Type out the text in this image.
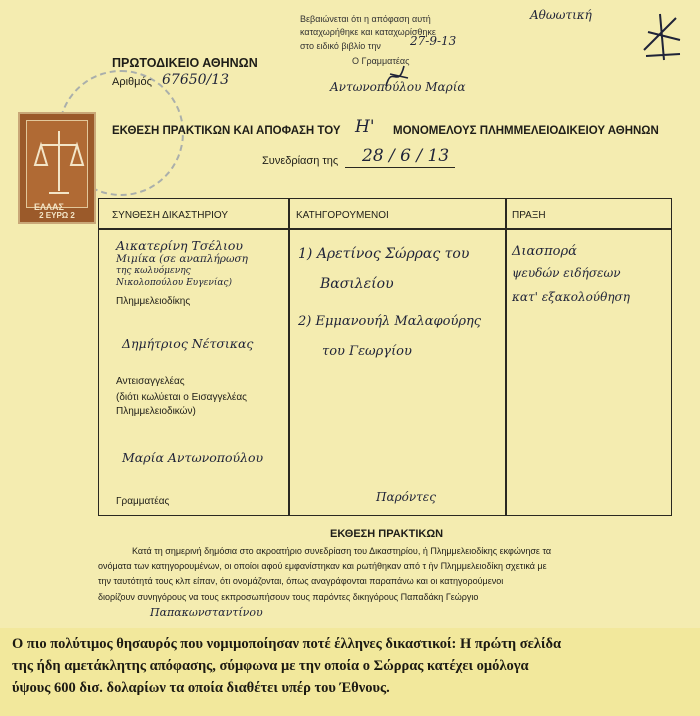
Βεβαιώνεται ότι η απόφαση αυτή
καταχωρήθηκε και καταχωρίσθηκε
στο ειδικό βιβλίο την 27-9-13
Ο Γραμματέας
Αντωνοπούλου Μαρία
Αθωωτική
ΠΡΩΤΟΔΙΚΕΙΟ ΑΘΗΝΩΝ
Αριθμός 67650/13
2 ΕΥΡΩ 2
ΕΛΛΑΣ
ΕΚΘΕΣΗ ΠΡΑΚΤΙΚΩΝ ΚΑΙ ΑΠΟΦΑΣΗ ΤΟΥ Η' ΜΟΝΟΜΕΛΟΥΣ ΠΛΗΜΜΕΛΕΙΟΔΙΚΕΙΟΥ ΑΘΗΝΩΝ
Συνεδρίαση της 28 / 6 / 13
ΣΥΝΘΕΣΗ ΔΙΚΑΣΤΗΡΙΟΥ	ΚΑΤΗΓΟΡΟΥΜΕΝΟΙ	ΠΡΑΞΗ
Αικατερίνη Τσέλιου
Μιμίκα (σε αναπλήρωση
της κωλυόμενης
Νικολοπούλου Ευγενίας)
Πλημμελειοδίκης
Δημήτριος Νέτσικας
Αντεισαγγελέας
(διότι κωλύεται ο Εισαγγελέας
Πλημμελειοδικών)
Μαρία Αντωνοπούλου
Γραμματέας
1) Αρετίνος Σώρρας του
Βασιλείου
2) Εμμανουήλ Μαλαφούρης
του Γεωργίου
Παρόντες
Διασπορά
ψευδών ειδήσεων
κατ' εξακολούθηση
ΕΚΘΕΣΗ ΠΡΑΚΤΙΚΩΝ
Κατά τη σημερινή δημόσια στο ακροατήριο συνεδρίαση του Δικαστηρίου, ἡ Πλημμελειοδίκης εκφώνησε τα
ονόματα των κατηγορουμένων, οι οποίοι αφού εμφανίστηκαν και ρωτήθηκαν από τ ἡν Πλημμελειοδίκη σχετικά με
την ταυτότητά τους κλπ είπαν, ότι ονομάζονται, όπως αναγράφονται παραπάνω και οι κατηγορούμενοι
διορίζουν συνηγόρους να τους εκπροσωπήσουν τους παρόντες δικηγόρους Παπαδάκη Γεώργιο
Παπακωνσταντίνου

Ο πιο πολύτιμος θησαυρός που νομιμοποίησαν ποτέ έλληνες δικαστικοί: Η πρώτη σελίδα

της ήδη αμετάκλητης απόφασης, σύμφωνα με την οποία ο Σώρρας κατέχει ομόλογα

ύψους 600 δισ. δολαρίων τα οποία διαθέτει υπέρ του Έθνους.
